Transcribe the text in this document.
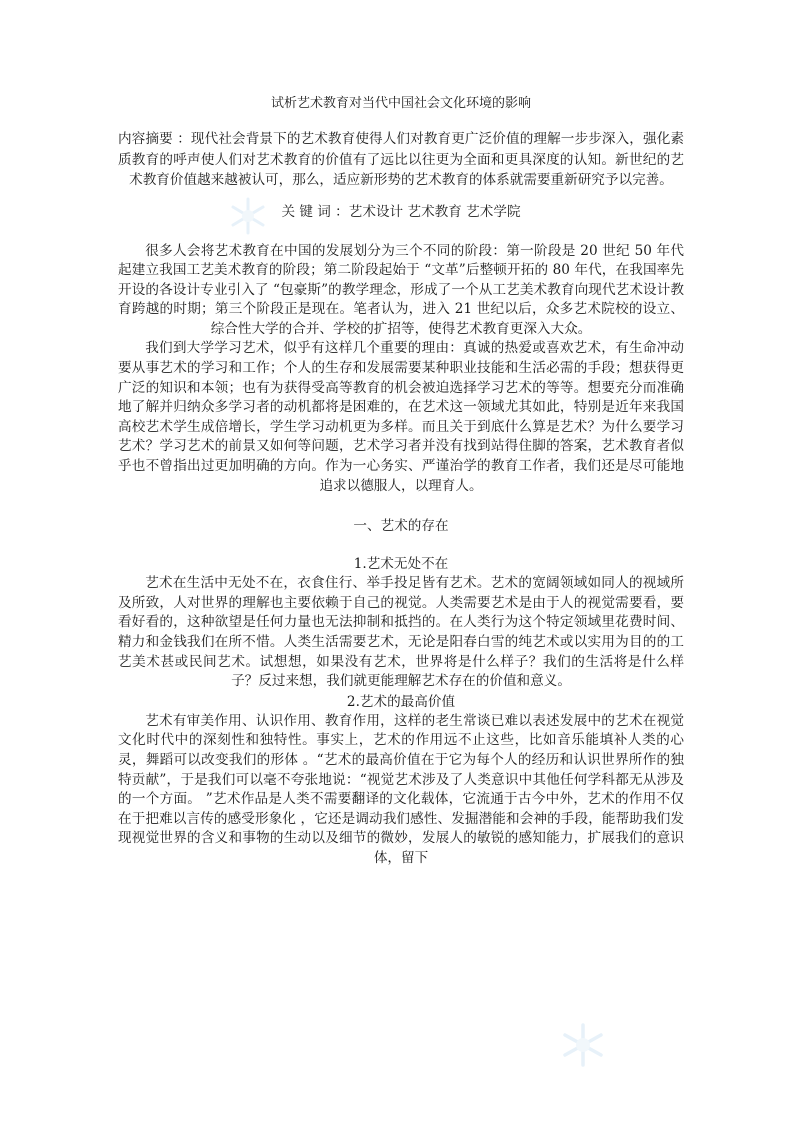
试析艺术教育对当代中国社会文化环境的影响

内容摘要 ：现代社会背景下的艺术教育使得人们对教育更广泛价值的理解一步步深入，强化素质教育的呼声使人们对艺术教育的价值有了远比以往更为全面和更具深度的认知。新世纪的艺术教育价值越来越被认可，那么，适应新形势的艺术教育的体系就需要重新研究予以完善。

关 键 词 ：艺术设计 艺术教育 艺术学院

很多人会将艺术教育在中国的发展划分为三个不同的阶段：第一阶段是 20 世纪 50 年代起建立我国工艺美术教育的阶段；第二阶段起始于 “文革”后整顿开拓的 80 年代，在我国率先开设的各设计专业引入了 “包豪斯”的教学理念，形成了一个从工艺美术教育向现代艺术设计教育跨越的时期；第三个阶段正是现在。笔者认为，进入 21 世纪以后，众多艺术院校的设立、综合性大学的合并、学校的扩招等，使得艺术教育更深入大众。

我们到大学学习艺术，似乎有这样几个重要的理由：真诚的热爱或喜欢艺术，有生命冲动要从事艺术的学习和工作；个人的生存和发展需要某种职业技能和生活必需的手段；想获得更广泛的知识和本领；也有为获得受高等教育的机会被迫选择学习艺术的等等。想要充分而准确地了解并归纳众多学习者的动机都将是困难的，在艺术这一领域尤其如此，特别是近年来我国高校艺术学生成倍增长，学生学习动机更为多样。而且关于到底什么算是艺术？为什么要学习艺术？学习艺术的前景又如何等问题，艺术学习者并没有找到站得住脚的答案，艺术教育者似乎也不曾指出过更加明确的方向。作为一心务实、严谨治学的教育工作者，我们还是尽可能地追求以德服人，以理育人。

一、艺术的存在
1.艺术无处不在

艺术在生活中无处不在，衣食住行、举手投足皆有艺术。艺术的宽阔领域如同人的视域所及所致，人对世界的理解也主要依赖于自己的视觉。人类需要艺术是由于人的视觉需要看，要看好看的，这种欲望是任何力量也无法抑制和抵挡的。在人类行为这个特定领域里花费时间、精力和金钱我们在所不惜。人类生活需要艺术，无论是阳春白雪的纯艺术或以实用为目的的工艺美术甚或民间艺术。试想想，如果没有艺术，世界将是什么样子？我们的生活将是什么样子？反过来想，我们就更能理解艺术存在的价值和意义。

2.艺术的最高价值

艺术有审美作用、认识作用、教育作用，这样的老生常谈已难以表述发展中的艺术在视觉文化时代中的深刻性和独特性。事实上，艺术的作用远不止这些，比如音乐能填补人类的心灵，舞蹈可以改变我们的形体 。“艺术的最高价值在于它为每个人的经历和认识世界所作的独特贡献”，于是我们可以毫不夸张地说：“视觉艺术涉及了人类意识中其他任何学科都无从涉及的一个方面。 ”艺术作品是人类不需要翻译的文化载体，它流通于古今中外，艺术的作用不仅在于把难以言传的感受形象化 ，它还是调动我们感性、发掘潜能和会神的手段，能帮助我们发现视觉世界的含义和事物的生动以及细节的微妙，发展人的敏锐的感知能力，扩展我们的意识体，留下
